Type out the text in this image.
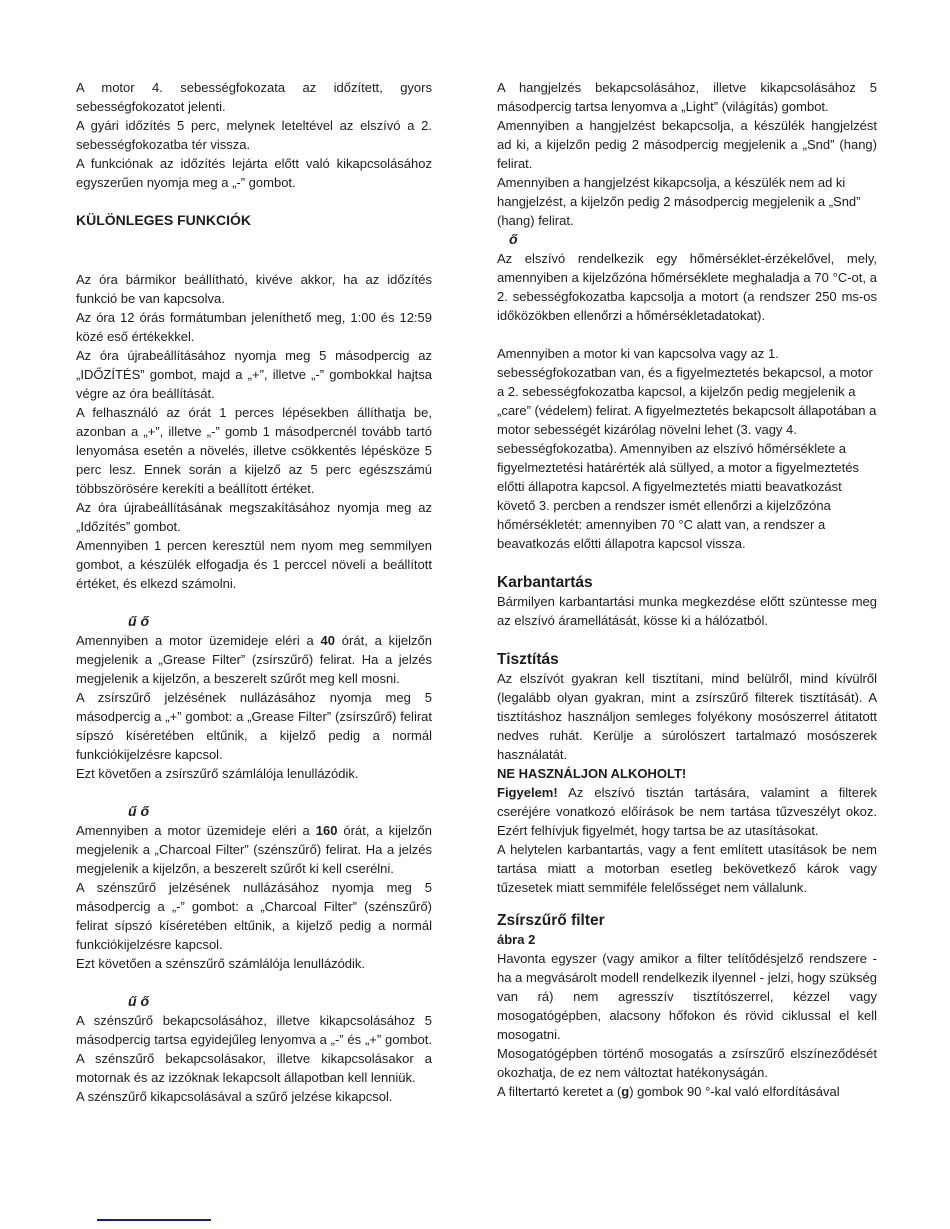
A motor 4. sebességfokozata az időzített, gyors sebességfokozatot jelenti.

A gyári időzítés 5 perc, melynek leteltével az elszívó a 2. sebességfokozatba tér vissza.

A funkciónak az időzítés lejárta előtt való kikapcsolásához egyszerűen nyomja meg a „-” gombot.

KÜLÖNLEGES FUNKCIÓK

Az óra bármikor beállítható, kivéve akkor, ha az időzítés funkció be van kapcsolva.

Az óra 12 órás formátumban jeleníthető meg, 1:00 és 12:59 közé eső értékekkel.

Az óra újrabeállításához nyomja meg 5 másodpercig az „IDŐZÍTÉS” gombot, majd a „+”, illetve „-” gombokkal hajtsa végre az óra beállítását.

A felhasználó az órát 1 perces lépésekben állíthatja be, azonban a „+”, illetve „-” gomb 1 másodpercnél tovább tartó lenyomása esetén a növelés, illetve csökkentés lépésköze 5 perc lesz. Ennek során a kijelző az 5 perc egészszámú többszörösére kerekíti a beállított értéket.

Az óra újrabeállításának megszakításához nyomja meg az „Időzítés” gombot.

Amennyiben 1 percen keresztül nem nyom meg semmilyen gombot, a készülék elfogadja és 1 perccel növeli a beállított értéket, és elkezd számolni.

ű ő

Amennyiben a motor üzemideje eléri a 40 órát, a kijelzőn megjelenik a „Grease Filter” (zsírszűrő) felirat. Ha a jelzés megjelenik a kijelzőn, a beszerelt szűrőt meg kell mosni.

A zsírszűrő jelzésének nullázásához nyomja meg 5 másodpercig a „+” gombot: a „Grease Filter” (zsírszűrő) felirat sípszó kíséretében eltűnik, a kijelző pedig a normál funkciókijelzésre kapcsol.

Ezt követően a zsírszűrő számlálója lenullázódik.

ű ő

Amennyiben a motor üzemideje eléri a 160 órát, a kijelzőn megjelenik a „Charcoal Filter” (szénszűrő) felirat. Ha a jelzés megjelenik a kijelzőn, a beszerelt szűrőt ki kell cserélni.

A szénszűrő jelzésének nullázásához nyomja meg 5 másodpercig a „-” gombot: a „Charcoal Filter” (szénszűrő) felirat sípszó kíséretében eltűnik, a kijelző pedig a normál funkciókijelzésre kapcsol.

Ezt követően a szénszűrő számlálója lenullázódik.

ű ő

A szénszűrő bekapcsolásához, illetve kikapcsolásához 5 másodpercig tartsa egyidejűleg lenyomva a „-” és „+” gombot. A szénszűrő bekapcsolásakor, illetve kikapcsolásakor a motornak és az izzóknak lekapcsolt állapotban kell lenniük.

A szénszűrő kikapcsolásával a szűrő jelzése kikapcsol.

A hangjelzés bekapcsolásához, illetve kikapcsolásához 5 másodpercig tartsa lenyomva a „Light” (világítás) gombot.

Amennyiben a hangjelzést bekapcsolja, a készülék hangjelzést ad ki, a kijelzőn pedig 2 másodpercig megjelenik a „Snd” (hang) felirat.

Amennyiben a hangjelzést kikapcsolja, a készülék nem ad ki hangjelzést, a kijelzőn pedig 2 másodpercig megjelenik a „Snd” (hang) felirat.

ő

Az elszívó rendelkezik egy hőmérséklet-érzékelővel, mely, amennyiben a kijelzőzóna hőmérséklete meghaladja a 70 °C-ot, a 2. sebességfokozatba kapcsolja a motort (a rendszer 250 ms-os időközökben ellenőrzi a hőmérsékletadatokat).

Amennyiben a motor ki van kapcsolva vagy az 1. sebességfokozatban van, és a figyelmeztetés bekapcsol, a motor a 2. sebességfokozatba kapcsol, a kijelzőn pedig megjelenik a „care” (védelem) felirat. A figyelmeztetés bekapcsolt állapotában a motor sebességét kizárólag növelni lehet (3. vagy 4. sebességfokozatba). Amennyiben az elszívó hőmérséklete a figyelmeztetési határérték alá süllyed, a motor a figyelmeztetés előtti állapotra kapcsol. A figyelmeztetés miatti beavatkozást követő 3. percben a rendszer ismét ellenőrzi a kijelzőzóna hőmérsékletét: amennyiben 70 °C alatt van, a rendszer a beavatkozás előtti állapotra kapcsol vissza.

Karbantartás

Bármilyen karbantartási munka megkezdése előtt szüntesse meg az elszívó áramellátását, kösse ki a hálózatból.

Tisztítás

Az elszívót gyakran kell tisztítani, mind belülről, mind kívülről (legalább olyan gyakran, mint a zsírszűrő filterek tisztítását). A tisztításhoz használjon semleges folyékony mosószerrel átitatott nedves ruhát. Kerülje a súrolószert tartalmazó mosószerek használatát.

NE HASZNÁLJON ALKOHOLT!

Figyelem! Az elszívó tisztán tartására, valamint a filterek cseréjére vonatkozó előírások be nem tartása tűzveszélyt okoz. Ezért felhívjuk figyelmét, hogy tartsa be az utasításokat.

A helytelen karbantartás, vagy a fent említett utasítások be nem tartása miatt a motorban esetleg bekövetkező károk vagy tűzesetek miatt semmiféle felelősséget nem vállalunk.

Zsírszűrő filter

ábra 2

Havonta egyszer (vagy amikor a filter telítődésjelző rendszere - ha a megvásárolt modell rendelkezik ilyennel - jelzi, hogy szükség van rá) nem agresszív tisztítószerrel, kézzel vagy mosogatógépben, alacsony hőfokon és rövid ciklussal el kell mosogatni.

Mosogatógépben történő mosogatás a zsírszűrő elszíneződését okozhatja, de ez nem változtat hatékonyságán.

A filtertartó keretet a (g) gombok 90 °-kal való elfordításával
